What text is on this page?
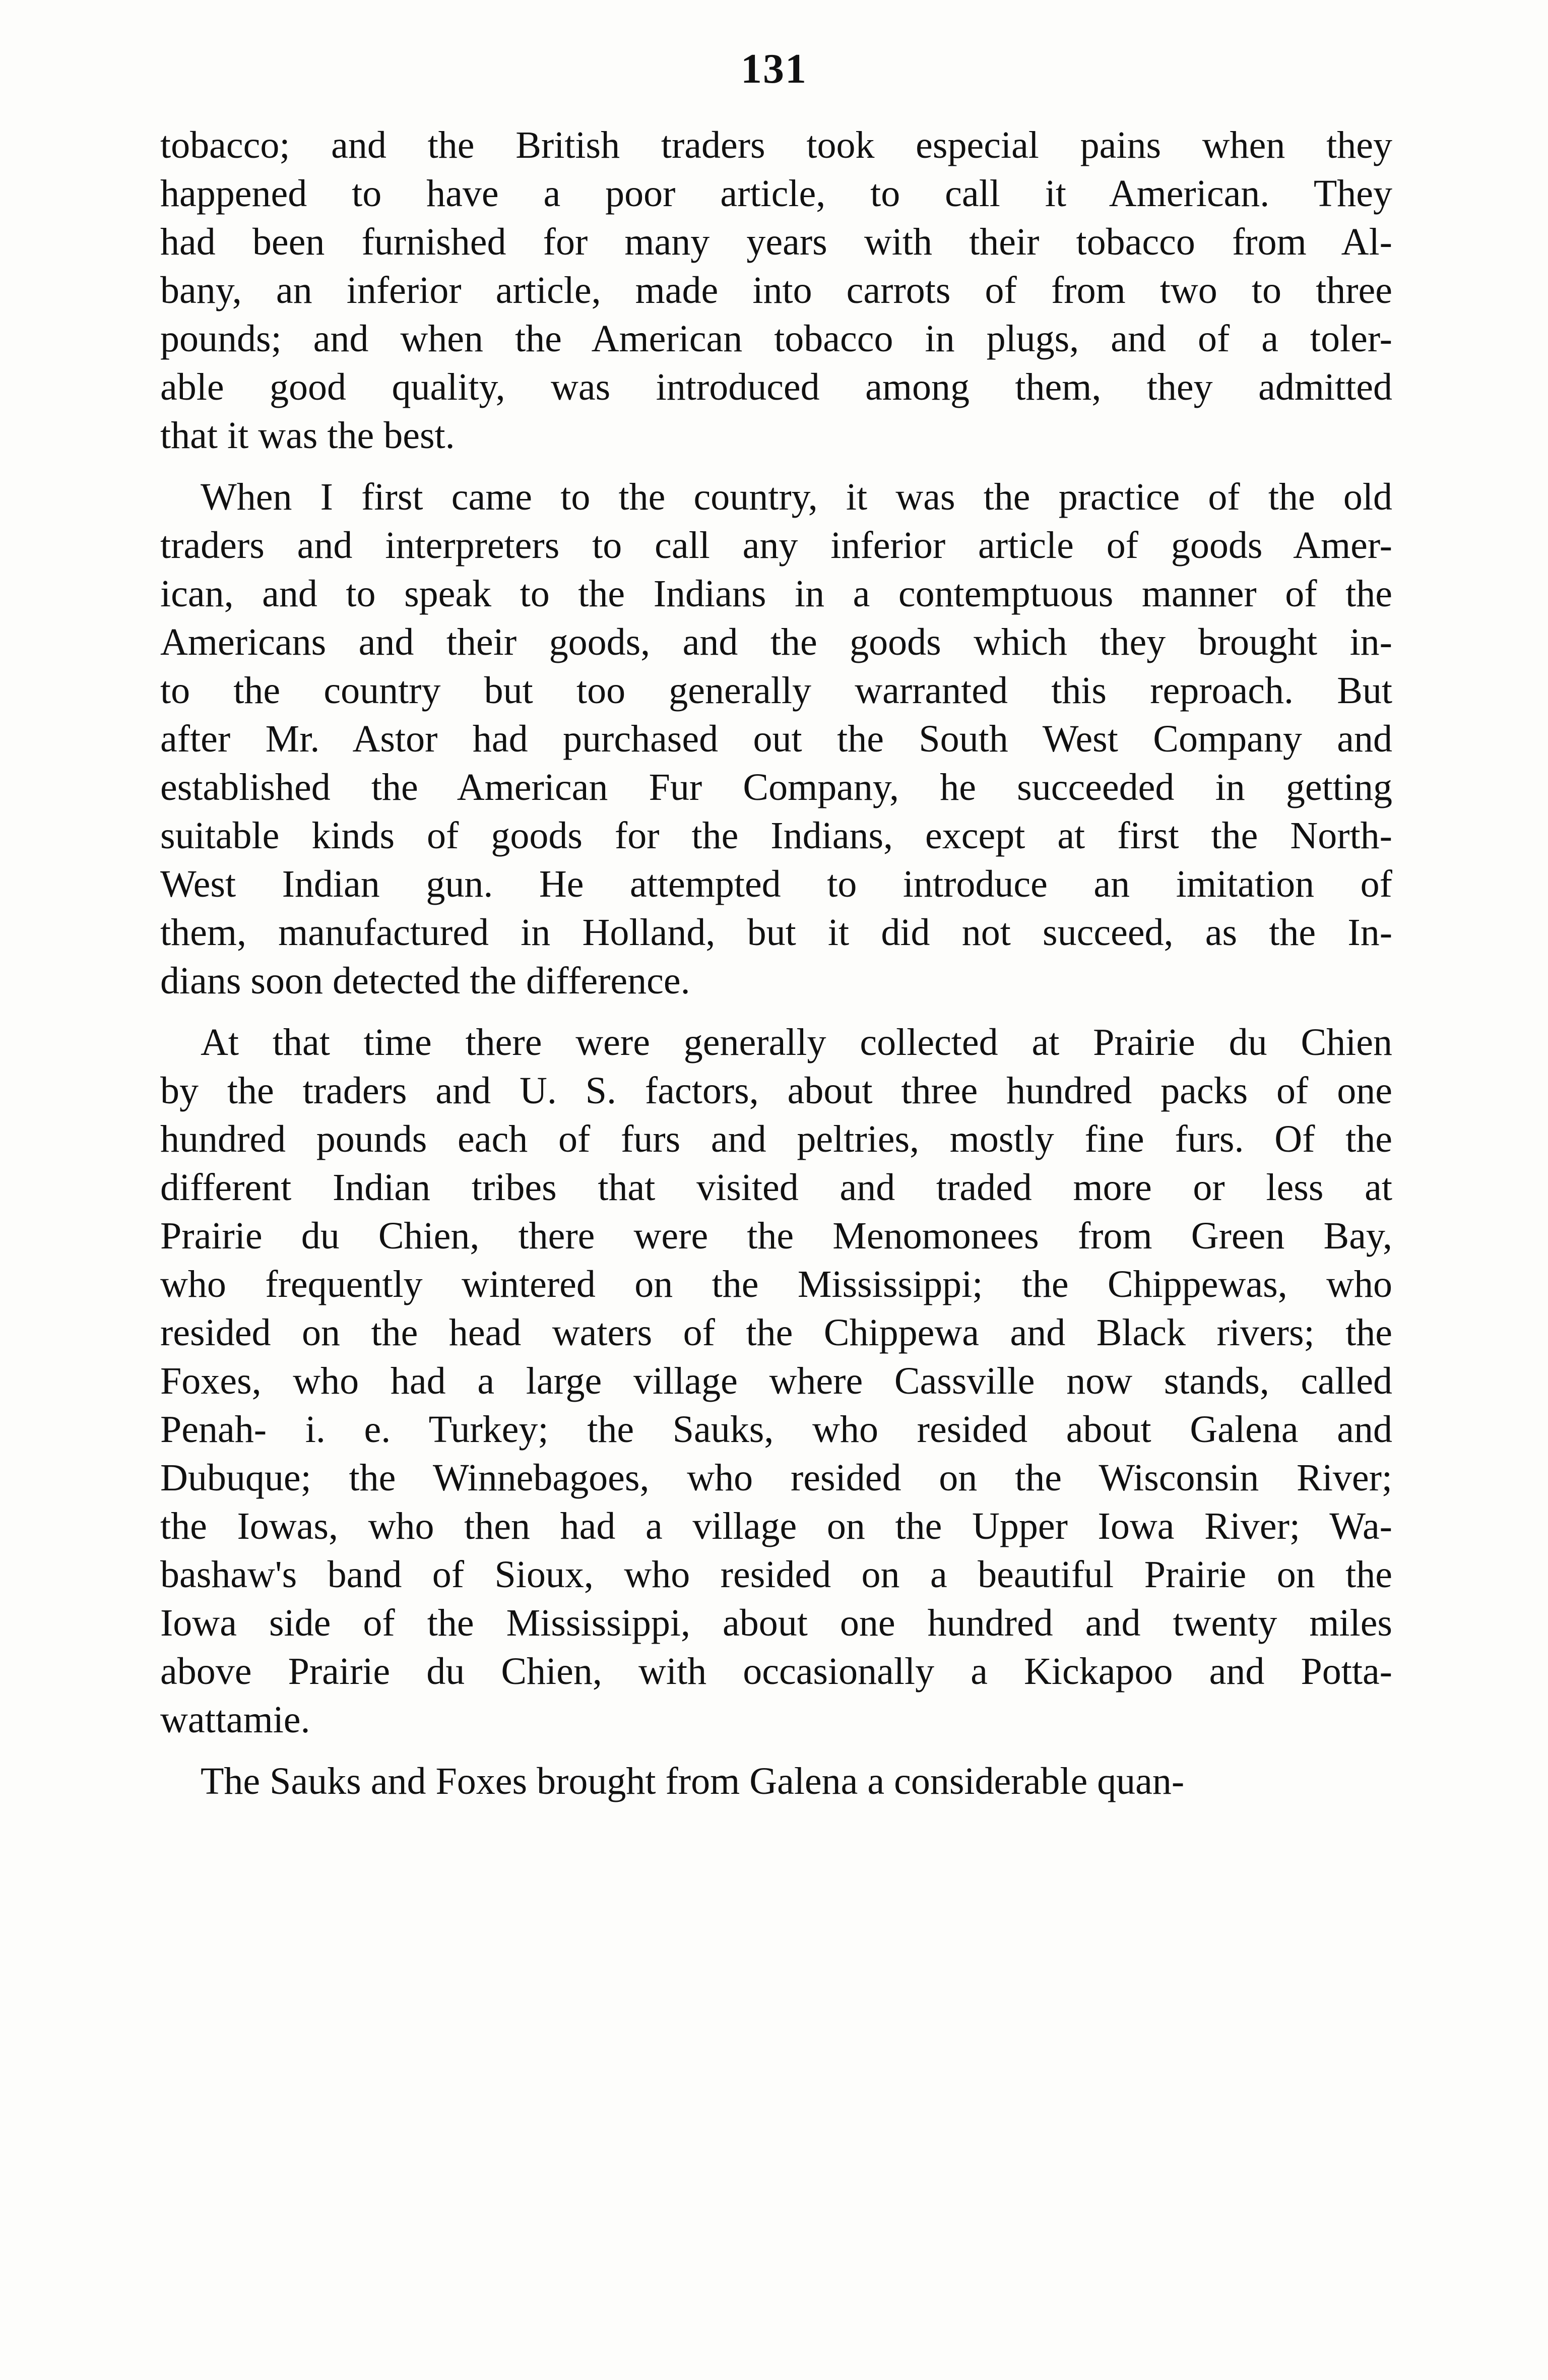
131
tobacco; and the British traders took especial pains when they
happened to have a poor article, to call it American. They
had been furnished for many years with their tobacco from Al-
bany, an inferior article, made into carrots of from two to three
pounds; and when the American tobacco in plugs, and of a toler-
able good quality, was introduced among them, they admitted
that it was the best.
When I first came to the country, it was the practice of the old
traders and interpreters to call any inferior article of goods Amer-
ican, and to speak to the Indians in a contemptuous manner of the
Americans and their goods, and the goods which they brought in-
to the country but too generally warranted this reproach. But
after Mr. Astor had purchased out the South West Company and
established the American Fur Company, he succeeded in getting
suitable kinds of goods for the Indians, except at first the North-
West Indian gun. He attempted to introduce an imitation of
them, manufactured in Holland, but it did not succeed, as the In-
dians soon detected the difference.
At that time there were generally collected at Prairie du Chien
by the traders and U. S. factors, about three hundred packs of one
hundred pounds each of furs and peltries, mostly fine furs. Of the
different Indian tribes that visited and traded more or less at
Prairie du Chien, there were the Menomonees from Green Bay,
who frequently wintered on the Mississippi; the Chippewas, who
resided on the head waters of the Chippewa and Black rivers; the
Foxes, who had a large village where Cassville now stands, called
Penah- i. e. Turkey; the Sauks, who resided about Galena and
Dubuque; the Winnebagoes, who resided on the Wisconsin River;
the Iowas, who then had a village on the Upper Iowa River; Wa-
bashaw's band of Sioux, who resided on a beautiful Prairie on the
Iowa side of the Mississippi, about one hundred and twenty miles
above Prairie du Chien, with occasionally a Kickapoo and Potta-
wattamie.
The Sauks and Foxes brought from Galena a considerable quan-
